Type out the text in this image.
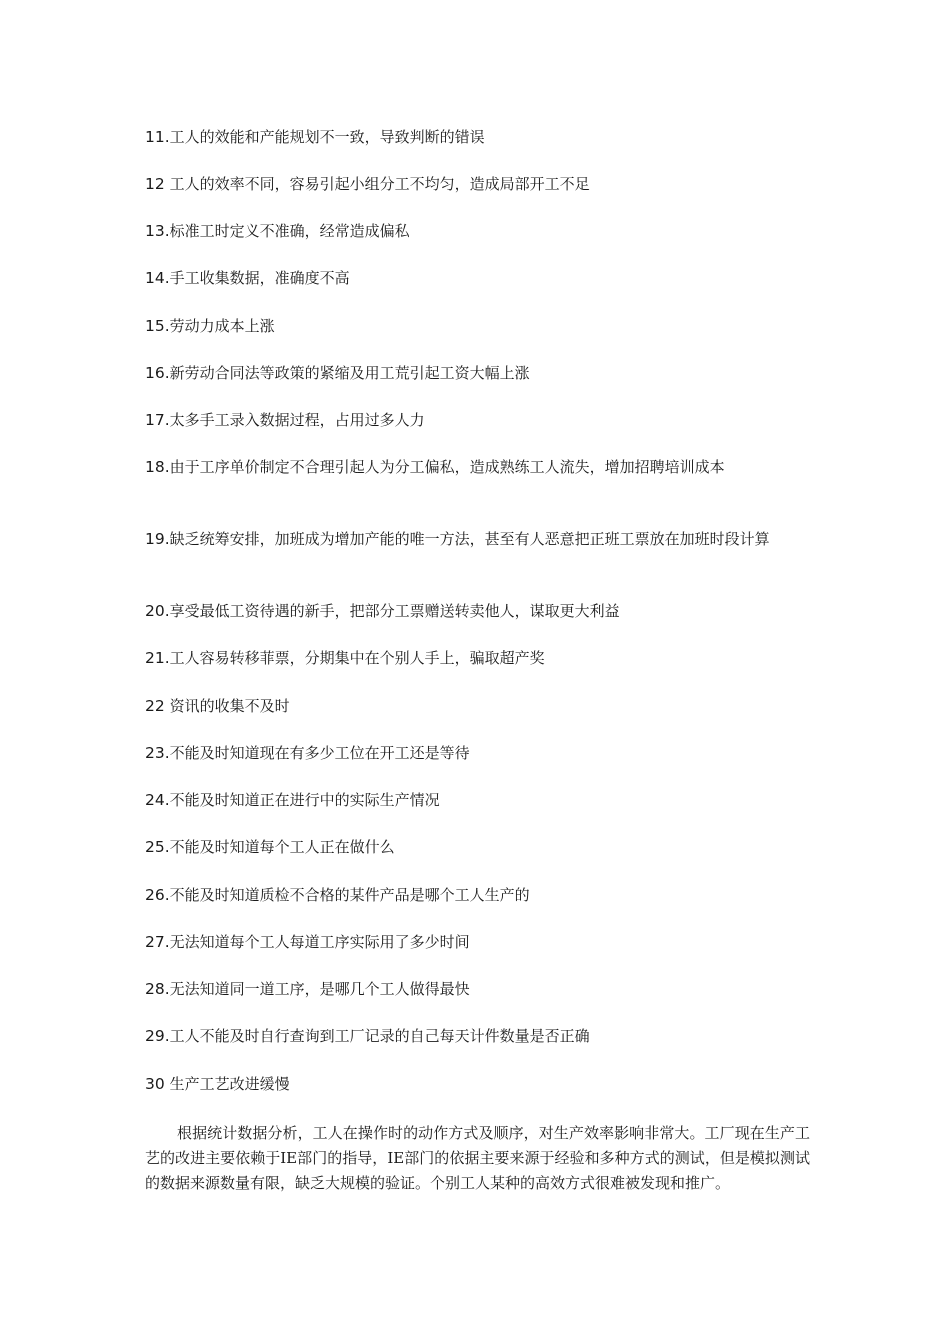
11.工人的效能和产能规划不一致，导致判断的错误
12 工人的效率不同，容易引起小组分工不均匀，造成局部开工不足
13.标准工时定义不准确，经常造成偏私
14.手工收集数据，准确度不高
15.劳动力成本上涨
16.新劳动合同法等政策的紧缩及用工荒引起工资大幅上涨
17.太多手工录入数据过程，占用过多人力
18.由于工序单价制定不合理引起人为分工偏私，造成熟练工人流失，增加招聘培训成本
19.缺乏统筹安排，加班成为增加产能的唯一方法，甚至有人恶意把正班工票放在加班时段计算
20.享受最低工资待遇的新手，把部分工票赠送转卖他人，谋取更大利益
21.工人容易转移菲票，分期集中在个别人手上，骗取超产奖
22 资讯的收集不及时
23.不能及时知道现在有多少工位在开工还是等待
24.不能及时知道正在进行中的实际生产情况
25.不能及时知道每个工人正在做什么
26.不能及时知道质检不合格的某件产品是哪个工人生产的
27.无法知道每个工人每道工序实际用了多少时间
28.无法知道同一道工序，是哪几个工人做得最快
29.工人不能及时自行查询到工厂记录的自己每天计件数量是否正确
30 生产工艺改进缓慢
根据统计数据分析，工人在操作时的动作方式及顺序，对生产效率影响非常大。工厂现在生产工艺的改进主要依赖于IE部门的指导，IE部门的依据主要来源于经验和多种方式的测试，但是模拟测试的数据来源数量有限，缺乏大规模的验证。个别工人某种的高效方式很难被发现和推广。
